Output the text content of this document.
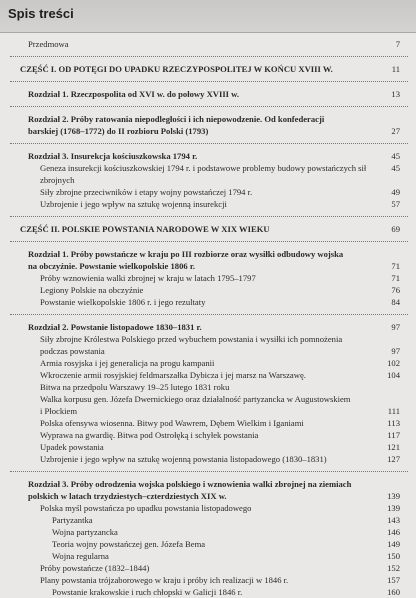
Spis treści
Przedmowa	7
CZĘŚĆ I. OD POTĘGI DO UPADKU RZECZYPOSPOLITEJ W KOŃCU XVIII W.	11
Rozdział 1. Rzeczpospolita od XVI w. do połowy XVIII w.	13
Rozdział 2. Próby ratowania niepodległości i ich niepowodzenie. Od konfederacji
barskiej (1768–1772) do II rozbioru Polski (1793)	27
Rozdział 3. Insurekcja kościuszkowska 1794 r.	45
Geneza insurekcji kościuszkowskiej 1794 r. i podstawowe problemy budowy powstańczych sił	45
zbrojnych
Siły zbrojne przeciwników i etapy wojny powstańczej 1794 r.	49
Uzbrojenie i jego wpływ na sztukę wojenną insurekcji	57
CZĘŚĆ II. POLSKIE POWSTANIA NARODOWE W XIX WIEKU	69
Rozdział 1. Próby powstańcze w kraju po III rozbiorze oraz wysiłki odbudowy wojska
na obczyźnie. Powstanie wielkopolskie 1806 r.	71
Próby wznowienia walki zbrojnej w kraju w latach 1795–1797	71
Legiony Polskie na obczyźnie	76
Powstanie wielkopolskie 1806 r. i jego rezultaty	84
Rozdział 2. Powstanie listopadowe 1830–1831 r.	97
Siły zbrojne Królestwa Polskiego przed wybuchem powstania i wysiłki ich pomnożenia
podczas powstania	97
Armia rosyjska i jej generalicja na progu kampanii	102
Wkroczenie armii rosyjskiej feldmarszałka Dybicza i jej marsz na Warszawę.	104
Bitwa na przedpolu Warszawy 19–25 lutego 1831 roku
Walka korpusu gen. Józefa Dwernickiego oraz działalność partyzancka w Augustowskiem
i Płockiem	111
Polska ofensywa wiosenna. Bitwy pod Wawrem, Dębem Wielkim i Iganiami	113
Wyprawa na gwardię. Bitwa pod Ostrołęką i schyłek powstania	117
Upadek powstania	121
Uzbrojenie i jego wpływ na sztukę wojenną powstania listopadowego (1830–1831)	127
Rozdział 3. Próby odrodzenia wojska polskiego i wznowienia walki zbrojnej na ziemiach
polskich w latach trzydziestych–czterdziestych XIX w.	139
Polska myśl powstańcza po upadku powstania listopadowego	139
Partyzantka	143
Wojna partyzancka	146
Teoria wojny powstańczej gen. Józefa Bema	149
Wojna regularna	150
Próby powstańcze (1832–1844)	152
Plany powstania trójzaborowego w kraju i próby ich realizacji w 1846 r.	157
Powstanie krakowskie i ruch chłopski w Galicji 1846 r.	160
